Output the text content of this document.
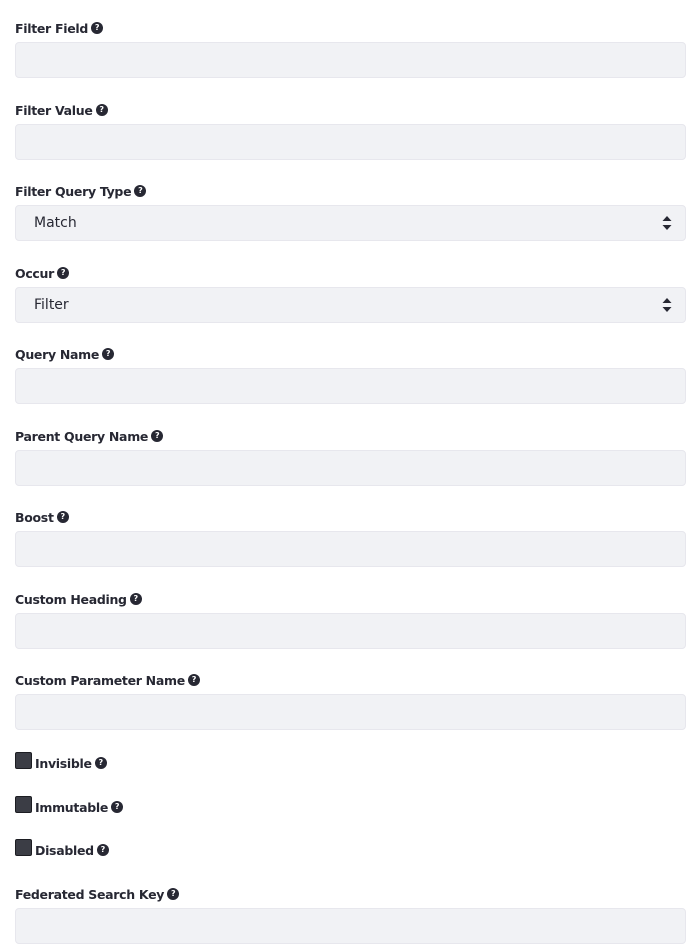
Filter Field ?
Filter Value ?
Filter Query Type ?
Match
Occur ?
Filter
Query Name ?
Parent Query Name ?
Boost ?
Custom Heading ?
Custom Parameter Name ?
Invisible ?
Immutable ?
Disabled ?
Federated Search Key ?
